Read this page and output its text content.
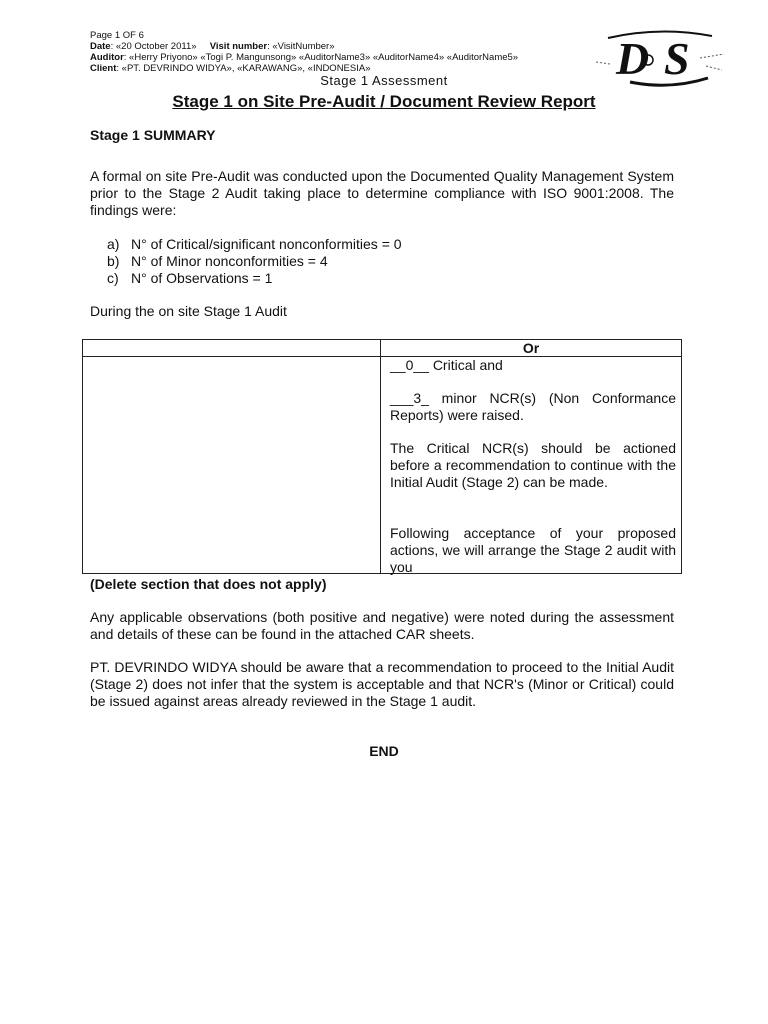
Page 1 OF 6
Date: «20 October 2011» Visit number: «VisitNumber»
Auditor: «Herry Priyono» «Togi P. Mangunsong» «AuditorName3» «AuditorName4» «AuditorName5»
Client: «PT. DEVRINDO WIDYA», «KARAWANG», «INDONESIA»	D S
Stage 1 Assessment
Stage 1 on Site Pre-Audit / Document Review Report
Stage 1 SUMMARY
A formal on site Pre-Audit was conducted upon the Documented Quality Management System prior to the Stage 2 Audit taking place to determine compliance with ISO 9001:2008. The findings were:
a) N° of Critical/significant nonconformities = 0
b) N° of Minor nonconformities = 4
c) N° of Observations = 1
During the on site Stage 1 Audit
Or
__0__ Critical and
___3_ minor NCR(s) (Non Conformance Reports) were raised.
The Critical NCR(s) should be actioned before a recommendation to continue with the Initial Audit (Stage 2) can be made.
Following acceptance of your proposed actions, we will arrange the Stage 2 audit with you
(Delete section that does not apply)
Any applicable observations (both positive and negative) were noted during the assessment and details of these can be found in the attached CAR sheets.
PT. DEVRINDO WIDYA should be aware that a recommendation to proceed to the Initial Audit (Stage 2) does not infer that the system is acceptable and that NCR's (Minor or Critical) could be issued against areas already reviewed in the Stage 1 audit.
END
